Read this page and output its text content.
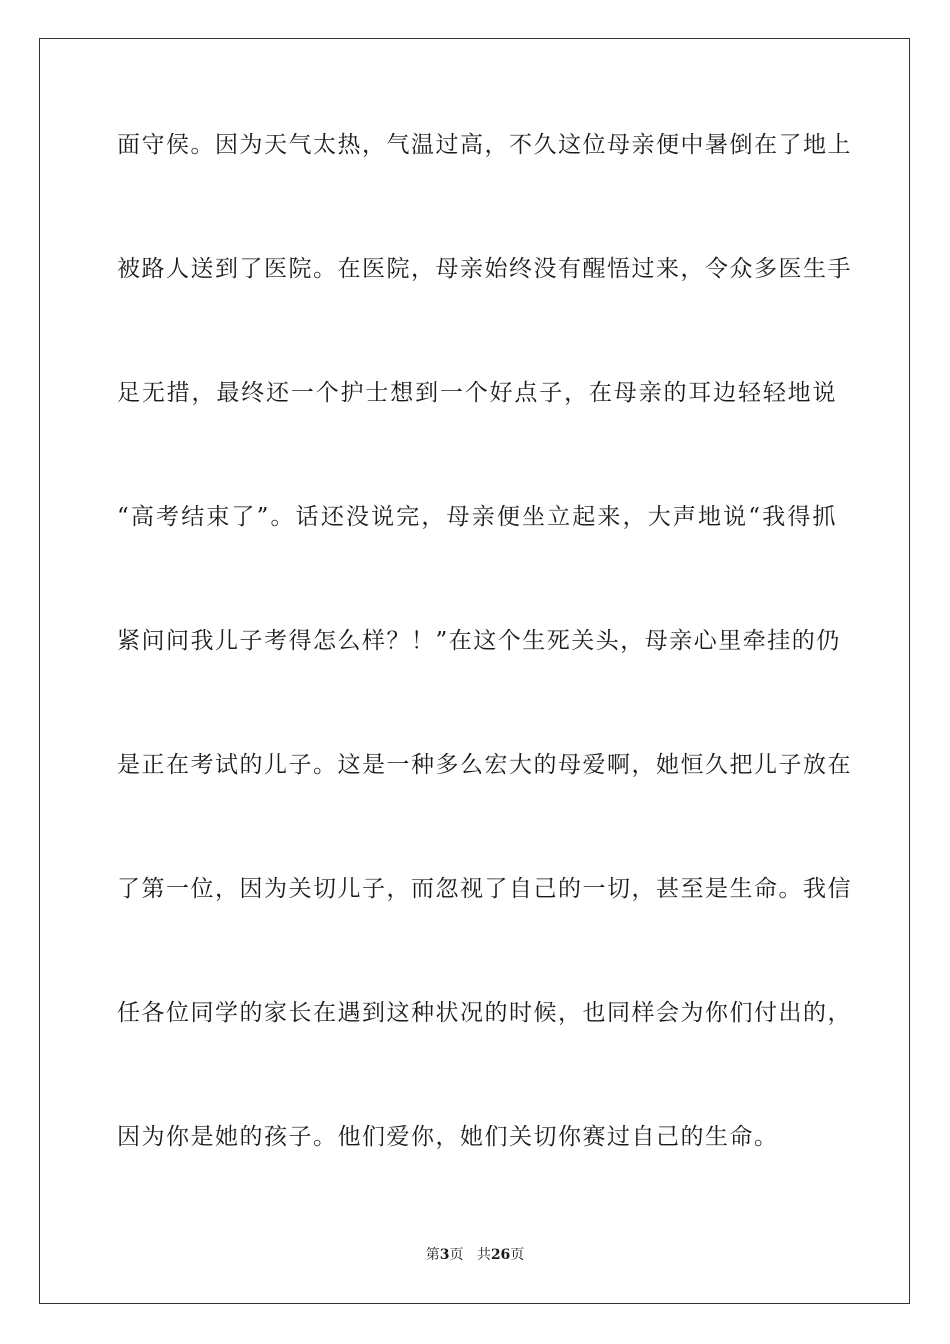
面守侯。因为天气太热，气温过高，不久这位母亲便中暑倒在了地上
被路人送到了医院。在医院，母亲始终没有醒悟过来，令众多医生手
足无措，最终还一个护士想到一个好点子，在母亲的耳边轻轻地说
“高考结束了”。话还没说完，母亲便坐立起来，大声地说“我得抓
紧问问我儿子考得怎么样？！”在这个生死关头，母亲心里牵挂的仍
是正在考试的儿子。这是一种多么宏大的母爱啊，她恒久把儿子放在
了第一位，因为关切儿子，而忽视了自己的一切，甚至是生命。我信
任各位同学的家长在遇到这种状况的时候，也同样会为你们付出的，
因为你是她的孩子。他们爱你，她们关切你赛过自己的生命。
第3页 共26页
